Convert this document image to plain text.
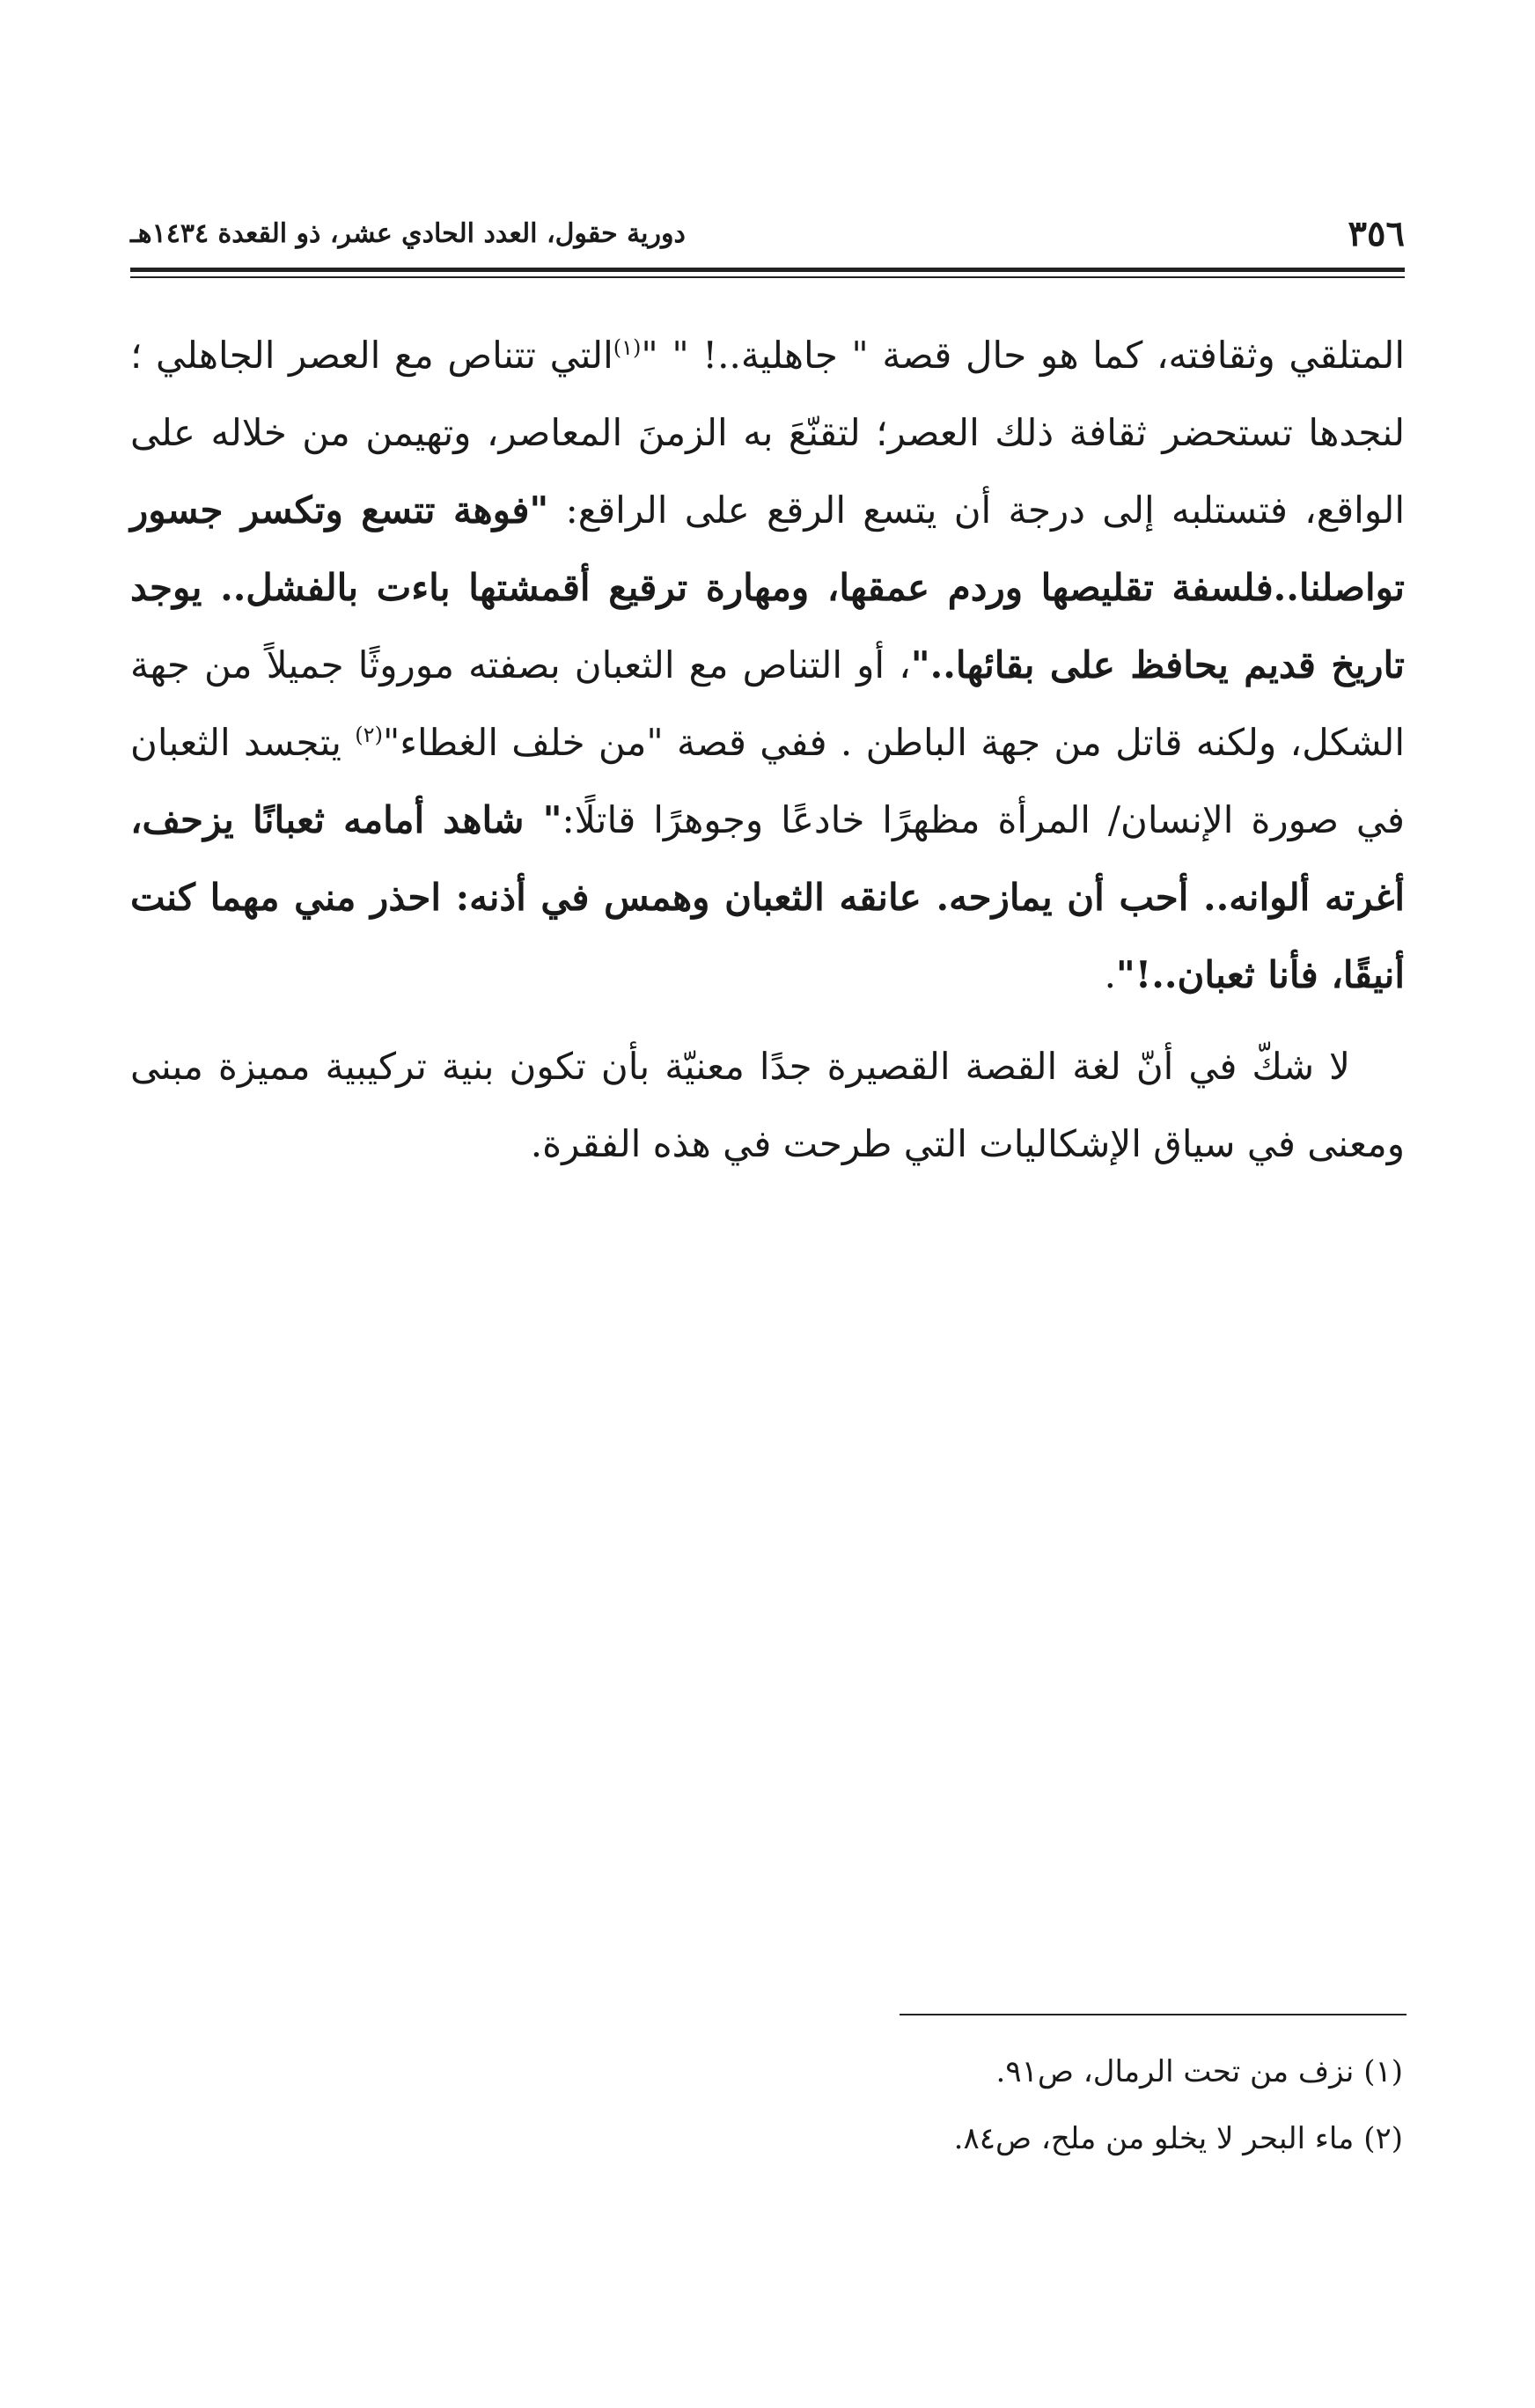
٣٥٦
دورية حقول، العدد الحادي عشر، ذو القعدة ١٤٣٤هـ

المتلقي وثقافته، كما هو حال قصة " جاهلية..! " "$^{(١)}$التي تتناص مع العصر الجاهلي ؛ لنجدها تستحضر ثقافة ذلك العصر؛ لتقنّعَ به الزمنَ المعاصر، وتهيمن من خلاله على الواقع، فتستلبه إلى درجة أن يتسع الرقع على الراقع: "فوهة تتسع وتكسر جسور تواصلنا..فلسفة تقليصها وردم عمقها، ومهارة ترقيع أقمشتها باءت بالفشل.. يوجد تاريخ قديم يحافظ على بقائها.."، أو التناص مع الثعبان بصفته موروثًا جميلاً من جهة الشكل، ولكنه قاتل من جهة الباطن . ففي قصة "من خلف الغطاء"$^{(٢)}$ يتجسد الثعبان في صورة الإنسان/ المرأة مظهرًا خادعًا وجوهرًا قاتلًا:" شاهد أمامه ثعبانًا يزحف، أغرته ألوانه.. أحب أن يمازحه. عانقه الثعبان وهمس في أذنه: احذر مني مهما كنت أنيقًا، فأنا ثعبان..!".

لا شكّ في أنّ لغة القصة القصيرة جدًا معنيّة بأن تكون بنية تركيبية مميزة مبنى ومعنى في سياق الإشكاليات التي طرحت في هذه الفقرة.

(١) نزف من تحت الرمال، ص٩١.

(٢) ماء البحر لا يخلو من ملح، ص٨٤.
